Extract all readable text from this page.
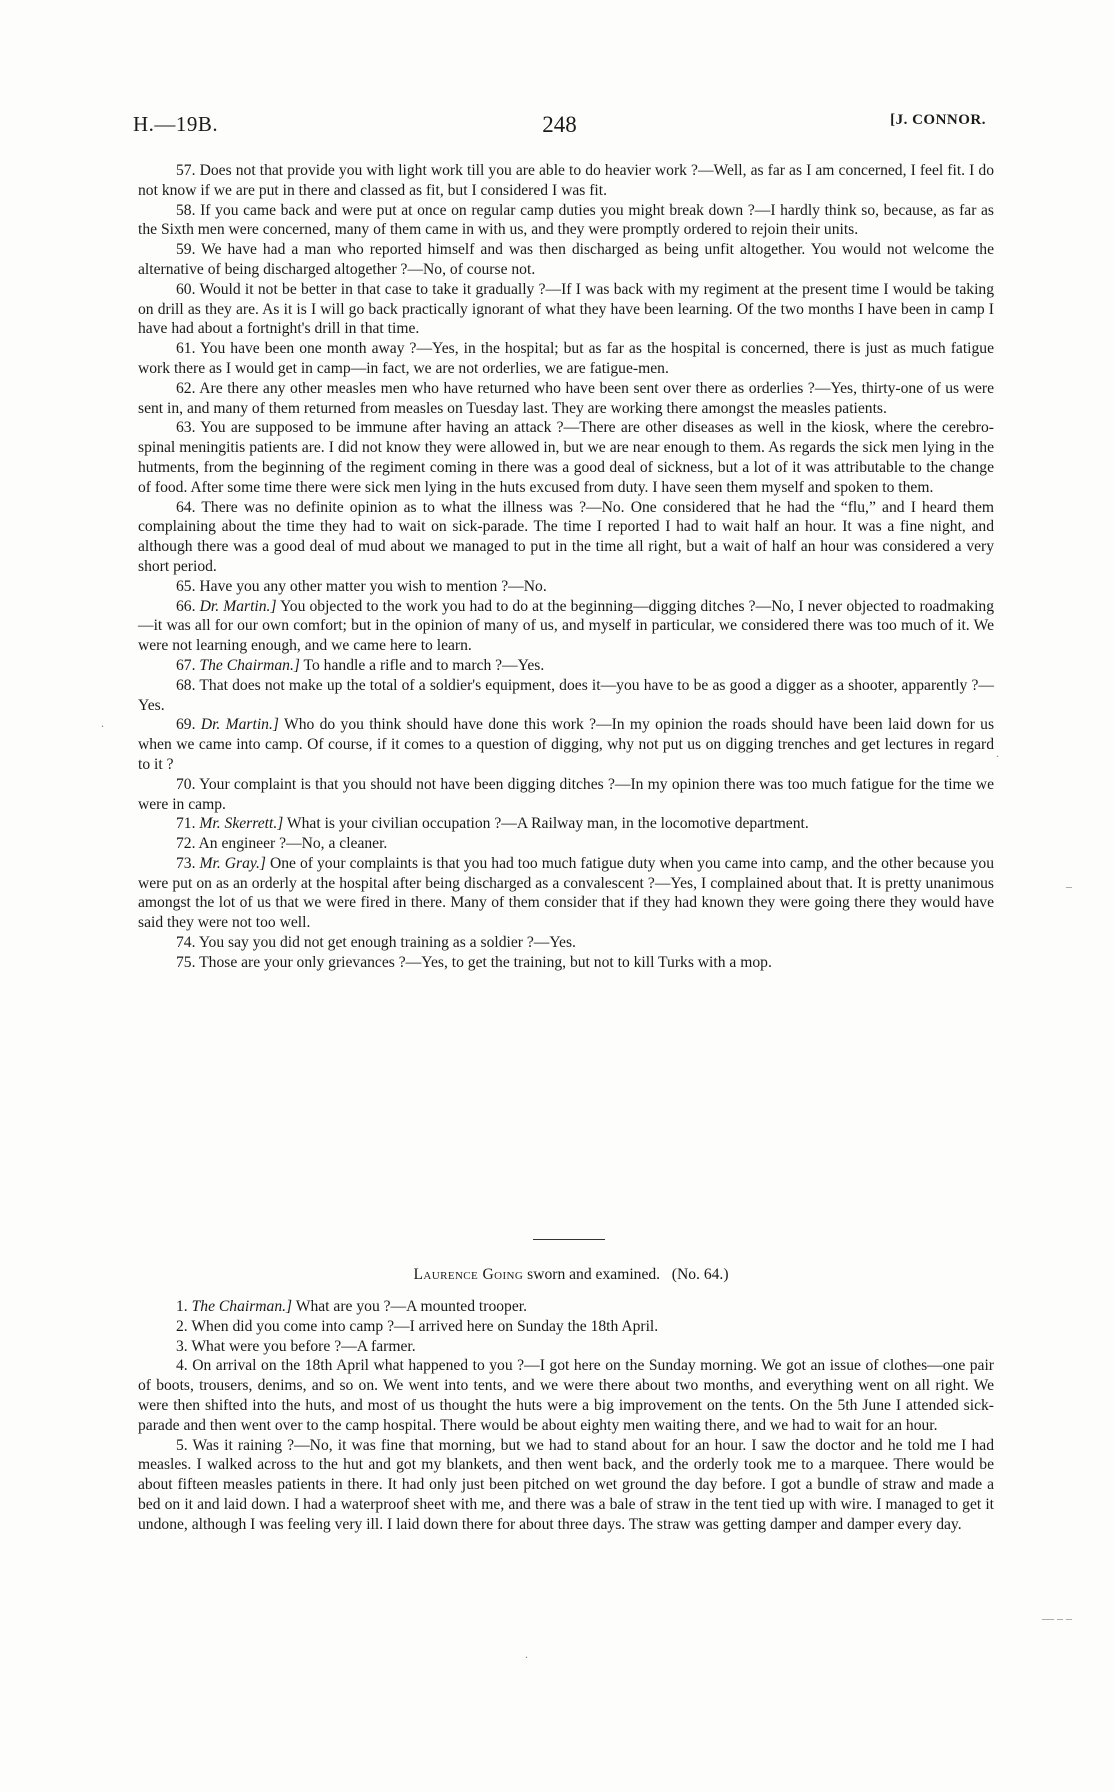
H.—19B.	248	[J. CONNOR.

57. Does not that provide you with light work till you are able to do heavier work ?—Well, as far as I am concerned, I feel fit. I do not know if we are put in there and classed as fit, but I considered I was fit.

58. If you came back and were put at once on regular camp duties you might break down ?—I hardly think so, because, as far as the Sixth men were concerned, many of them came in with us, and they were promptly ordered to rejoin their units.

59. We have had a man who reported himself and was then discharged as being unfit altogether. You would not welcome the alternative of being discharged altogether ?—No, of course not.

60. Would it not be better in that case to take it gradually ?—If I was back with my regiment at the present time I would be taking on drill as they are. As it is I will go back practically ignorant of what they have been learning. Of the two months I have been in camp I have had about a fortnight's drill in that time.

61. You have been one month away ?—Yes, in the hospital; but as far as the hospital is concerned, there is just as much fatigue work there as I would get in camp—in fact, we are not orderlies, we are fatigue-men.

62. Are there any other measles men who have returned who have been sent over there as orderlies ?—Yes, thirty-one of us were sent in, and many of them returned from measles on Tuesday last. They are working there amongst the measles patients.

63. You are supposed to be immune after having an attack ?—There are other diseases as well in the kiosk, where the cerebro-spinal meningitis patients are. I did not know they were allowed in, but we are near enough to them. As regards the sick men lying in the hutments, from the beginning of the regiment coming in there was a good deal of sickness, but a lot of it was attributable to the change of food. After some time there were sick men lying in the huts excused from duty. I have seen them myself and spoken to them.

64. There was no definite opinion as to what the illness was ?—No. One considered that he had the “flu,” and I heard them complaining about the time they had to wait on sick-parade. The time I reported I had to wait half an hour. It was a fine night, and although there was a good deal of mud about we managed to put in the time all right, but a wait of half an hour was considered a very short period.

65. Have you any other matter you wish to mention ?—No.

66. Dr. Martin.] You objected to the work you had to do at the beginning—digging ditches ?—No, I never objected to roadmaking—it was all for our own comfort; but in the opinion of many of us, and myself in particular, we considered there was too much of it. We were not learning enough, and we came here to learn.

67. The Chairman.] To handle a rifle and to march ?—Yes.

68. That does not make up the total of a soldier's equipment, does it—you have to be as good a digger as a shooter, apparently ?—Yes.

69. Dr. Martin.] Who do you think should have done this work ?—In my opinion the roads should have been laid down for us when we came into camp. Of course, if it comes to a question of digging, why not put us on digging trenches and get lectures in regard to it ?

70. Your complaint is that you should not have been digging ditches ?—In my opinion there was too much fatigue for the time we were in camp.

71. Mr. Skerrett.] What is your civilian occupation ?—A Railway man, in the locomotive department.

72. An engineer ?—No, a cleaner.

73. Mr. Gray.] One of your complaints is that you had too much fatigue duty when you came into camp, and the other because you were put on as an orderly at the hospital after being discharged as a convalescent ?—Yes, I complained about that. It is pretty unanimous amongst the lot of us that we were fired in there. Many of them consider that if they had known they were going there they would have said they were not too well.

74. You say you did not get enough training as a soldier ?—Yes.

75. Those are your only grievances ?—Yes, to get the training, but not to kill Turks with a mop.

Laurence Going sworn and examined. (No. 64.)

1. The Chairman.] What are you ?—A mounted trooper.

2. When did you come into camp ?—I arrived here on Sunday the 18th April.

3. What were you before ?—A farmer.

4. On arrival on the 18th April what happened to you ?—I got here on the Sunday morning. We got an issue of clothes—one pair of boots, trousers, denims, and so on. We went into tents, and we were there about two months, and everything went on all right. We were then shifted into the huts, and most of us thought the huts were a big improvement on the tents. On the 5th June I attended sick-parade and then went over to the camp hospital. There would be about eighty men waiting there, and we had to wait for an hour.

5. Was it raining ?—No, it was fine that morning, but we had to stand about for an hour. I saw the doctor and he told me I had measles. I walked across to the hut and got my blankets, and then went back, and the orderly took me to a marquee. There would be about fifteen measles patients in there. It had only just been pitched on wet ground the day before. I got a bundle of straw and made a bed on it and laid down. I had a waterproof sheet with me, and there was a bale of straw in the tent tied up with wire. I managed to get it undone, although I was feeling very ill. I laid down there for about three days. The straw was getting damper and damper every day.

.
–
.
— – –
.
